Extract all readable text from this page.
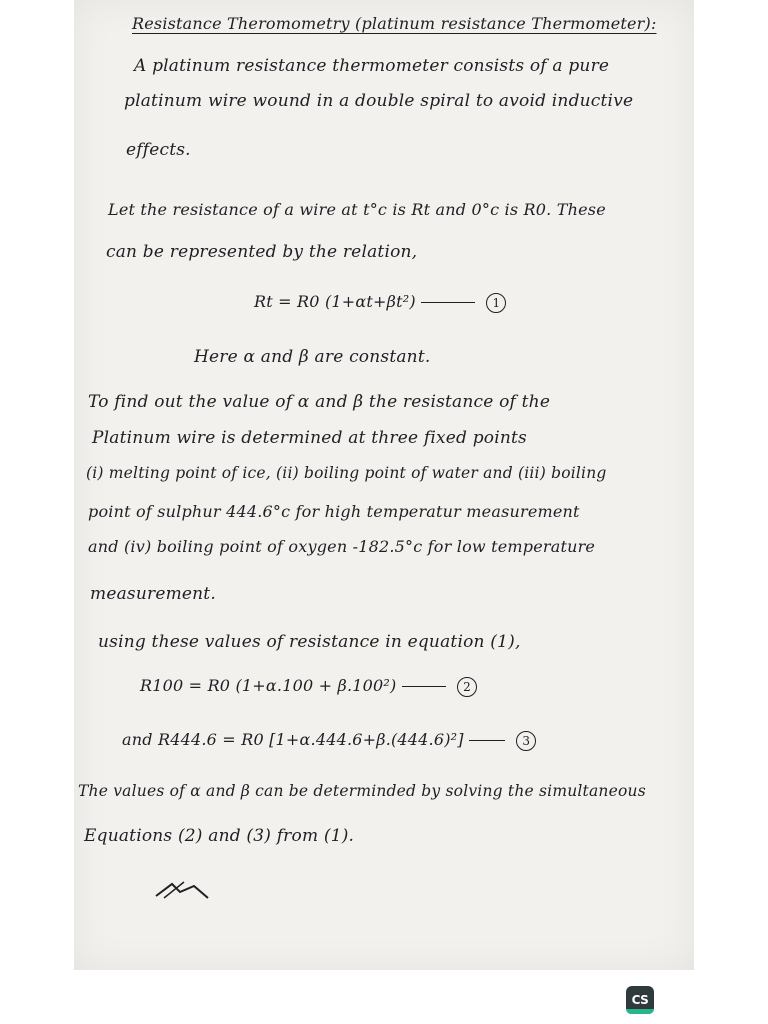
Resistance Theromometry (platinum resistance Thermometer):
A platinum resistance thermometer consists of a pure
platinum wire wound in a double spiral to avoid inductive
effects.
Let the resistance of a wire at t°c is Rt and 0°c is R0. These
can be represented by the relation,
Rt = R0 (1+αt+βt²)	1
Here α and β are constant.
To find out the value of α and β the resistance of the
Platinum wire is determined at three fixed points
(i) melting point of ice, (ii) boiling point of water and (iii) boiling
point of sulphur 444.6°c for high temperatur measurement
and (iv) boiling point of oxygen -182.5°c for low temperature
measurement.
using these values of resistance in equation (1),
R100 = R0 (1+α.100 + β.100²)	2
and R444.6 = R0 [1+α.444.6+β.(444.6)²]	3
The values of α and β can be determinded by solving the simultaneous
Equations (2) and (3) from (1).
CS
